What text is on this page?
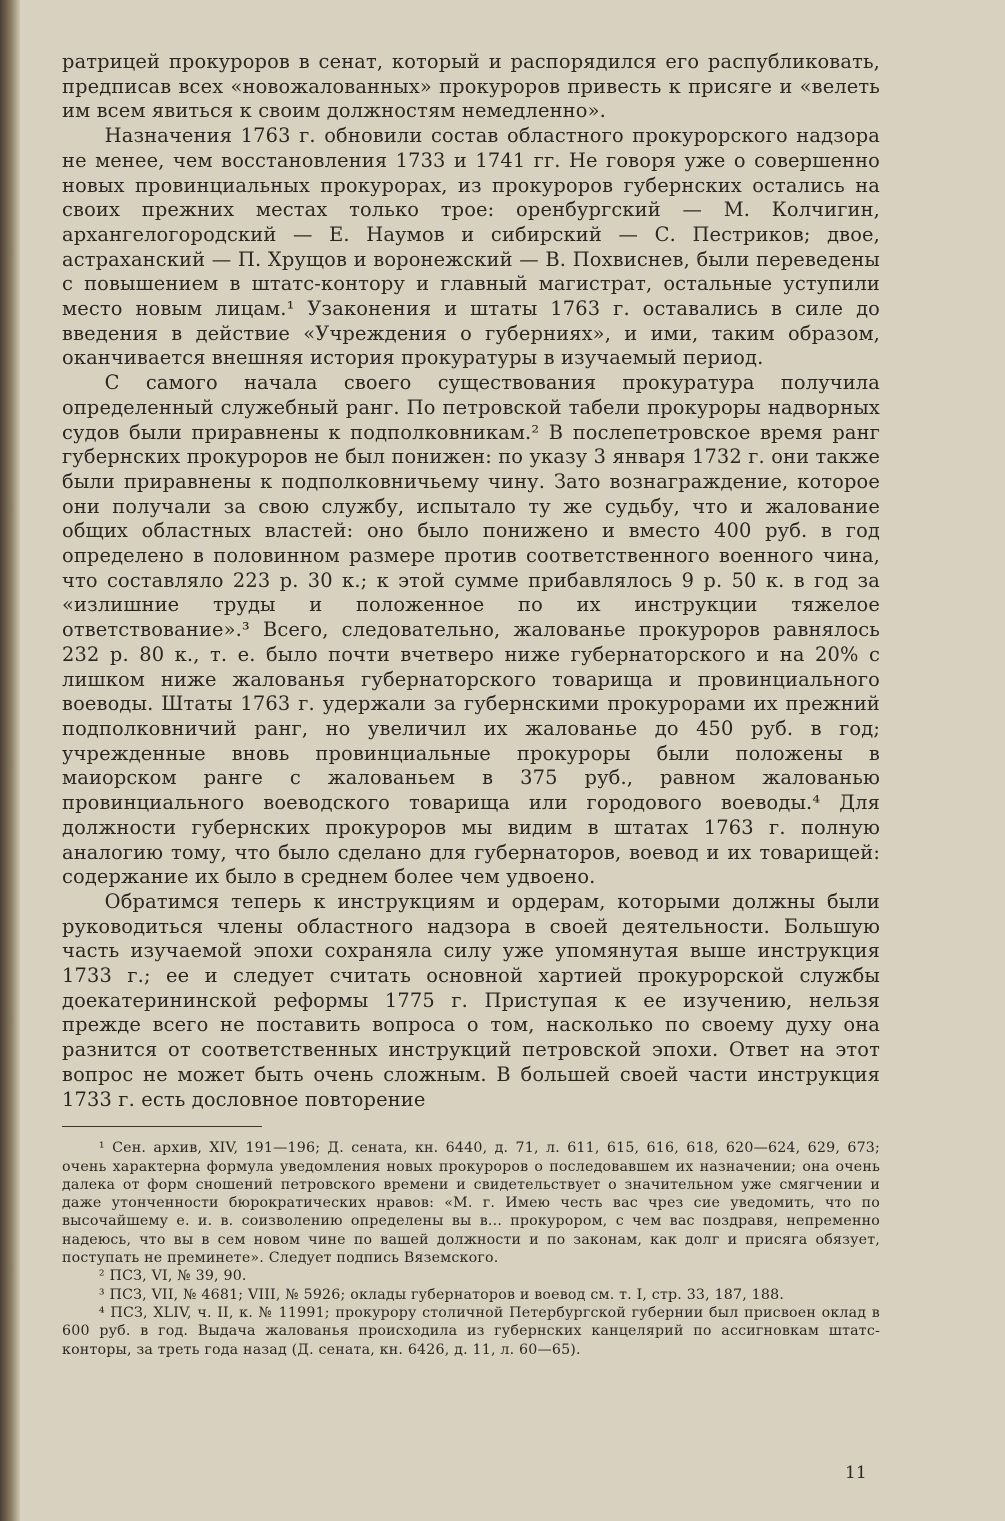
ратрицей прокуроров в сенат, который и распорядился его распубликовать, предписав всех «новожалованных» прокуроров привесть к присяге и «велеть им всем явиться к своим должностям немедленно».

Назначения 1763 г. обновили состав областного прокурорского надзора не менее, чем восстановления 1733 и 1741 гг. Не говоря уже о совершенно новых провинциальных прокурорах, из прокуроров губернских остались на своих прежних местах только трое: оренбургский — М. Колчигин, архангелогородский — Е. Наумов и сибирский — С. Пестриков; двое, астраханский — П. Хрущов и воронежский — В. Похвиснев, были переведены с повышением в штатс-контору и главный магистрат, остальные уступили место новым лицам.¹ Узаконения и штаты 1763 г. оставались в силе до введения в действие «Учреждения о губерниях», и ими, таким образом, оканчивается внешняя история прокуратуры в изучаемый период.

С самого начала своего существования прокуратура получила определенный служебный ранг. По петровской табели прокуроры надворных судов были приравнены к подполковникам.² В послепетровское время ранг губернских прокуроров не был понижен: по указу 3 января 1732 г. они также были приравнены к подполковничьему чину. Зато вознаграждение, которое они получали за свою службу, испытало ту же судьбу, что и жалование общих областных властей: оно было понижено и вместо 400 руб. в год определено в половинном размере против соответственного военного чина, что составляло 223 р. 30 к.; к этой сумме прибавлялось 9 р. 50 к. в год за «излишние труды и положенное по их инструкции тяжелое ответствование».³ Всего, следовательно, жалованье прокуроров равнялось 232 р. 80 к., т. е. было почти вчетверо ниже губернаторского и на 20% с лишком ниже жалованья губернаторского товарища и провинциального воеводы. Штаты 1763 г. удержали за губернскими прокурорами их прежний подполковничий ранг, но увеличил их жалованье до 450 руб. в год; учрежденные вновь провинциальные прокуроры были положены в маиорском ранге с жалованьем в 375 руб., равном жалованью провинциального воеводского товарища или городового воеводы.⁴ Для должности губернских прокуроров мы видим в штатах 1763 г. полную аналогию тому, что было сделано для губернаторов, воевод и их товарищей: содержание их было в среднем более чем удвоено.

Обратимся теперь к инструкциям и ордерам, которыми должны были руководиться члены областного надзора в своей деятельности. Большую часть изучаемой эпохи сохраняла силу уже упомянутая выше инструкция 1733 г.; ее и следует считать основной хартией прокурорской службы доекатерининской реформы 1775 г. Приступая к ее изучению, нельзя прежде всего не поставить вопроса о том, насколько по своему духу она разнится от соответственных инструкций петровской эпохи. Ответ на этот вопрос не может быть очень сложным. В большей своей части инструкция 1733 г. есть дословное повторение

¹ Сен. архив, XIV, 191—196; Д. сената, кн. 6440, д. 71, л. 611, 615, 616, 618, 620—624, 629, 673; очень характерна формула уведомления новых прокуроров о последовавшем их назначении; она очень далека от форм сношений петровского времени и свидетельствует о значительном уже смягчении и даже утонченности бюрократических нравов: «М. г. Имею честь вас чрез сие уведомить, что по высочайшему е. и. в. соизволению определены вы в... прокурором, с чем вас поздравя, непременно надеюсь, что вы в сем новом чине по вашей должности и по законам, как долг и присяга обязует, поступать не преминете». Следует подпись Вяземского.

² ПСЗ, VI, № 39, 90.

³ ПСЗ, VII, № 4681; VIII, № 5926; оклады губернаторов и воевод см. т. I, стр. 33, 187, 188.

⁴ ПСЗ, XLIV, ч. II, к. № 11991; прокурору столичной Петербургской губернии был присвоен оклад в 600 руб. в год. Выдача жалованья происходила из губернских канцелярий по ассигновкам штатс-конторы, за треть года назад (Д. сената, кн. 6426, д. 11, л. 60—65).

11
